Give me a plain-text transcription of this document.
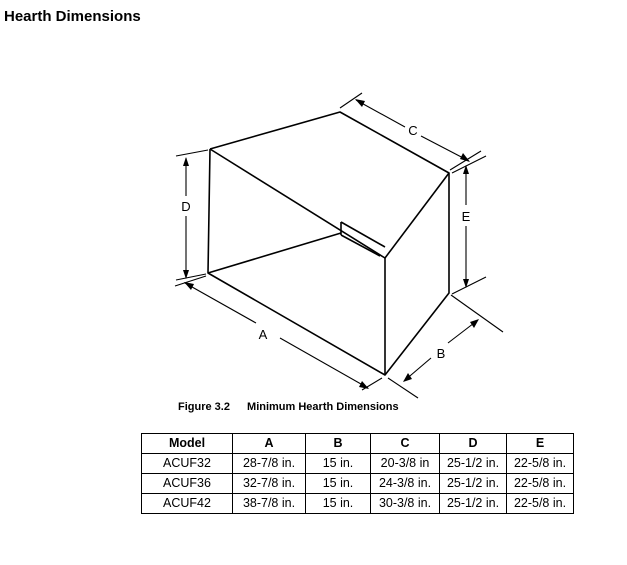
Hearth Dimensions
D
E
C
A
B
Figure 3.2 Minimum Hearth Dimensions
Model	A	B	C	D	E
ACUF32	28-7/8 in.	15 in.	20-3/8 in	25-1/2 in.	22-5/8 in.
ACUF36	32-7/8 in.	15 in.	24-3/8 in.	25-1/2 in.	22-5/8 in.
ACUF42	38-7/8 in.	15 in.	30-3/8 in.	25-1/2 in.	22-5/8 in.
